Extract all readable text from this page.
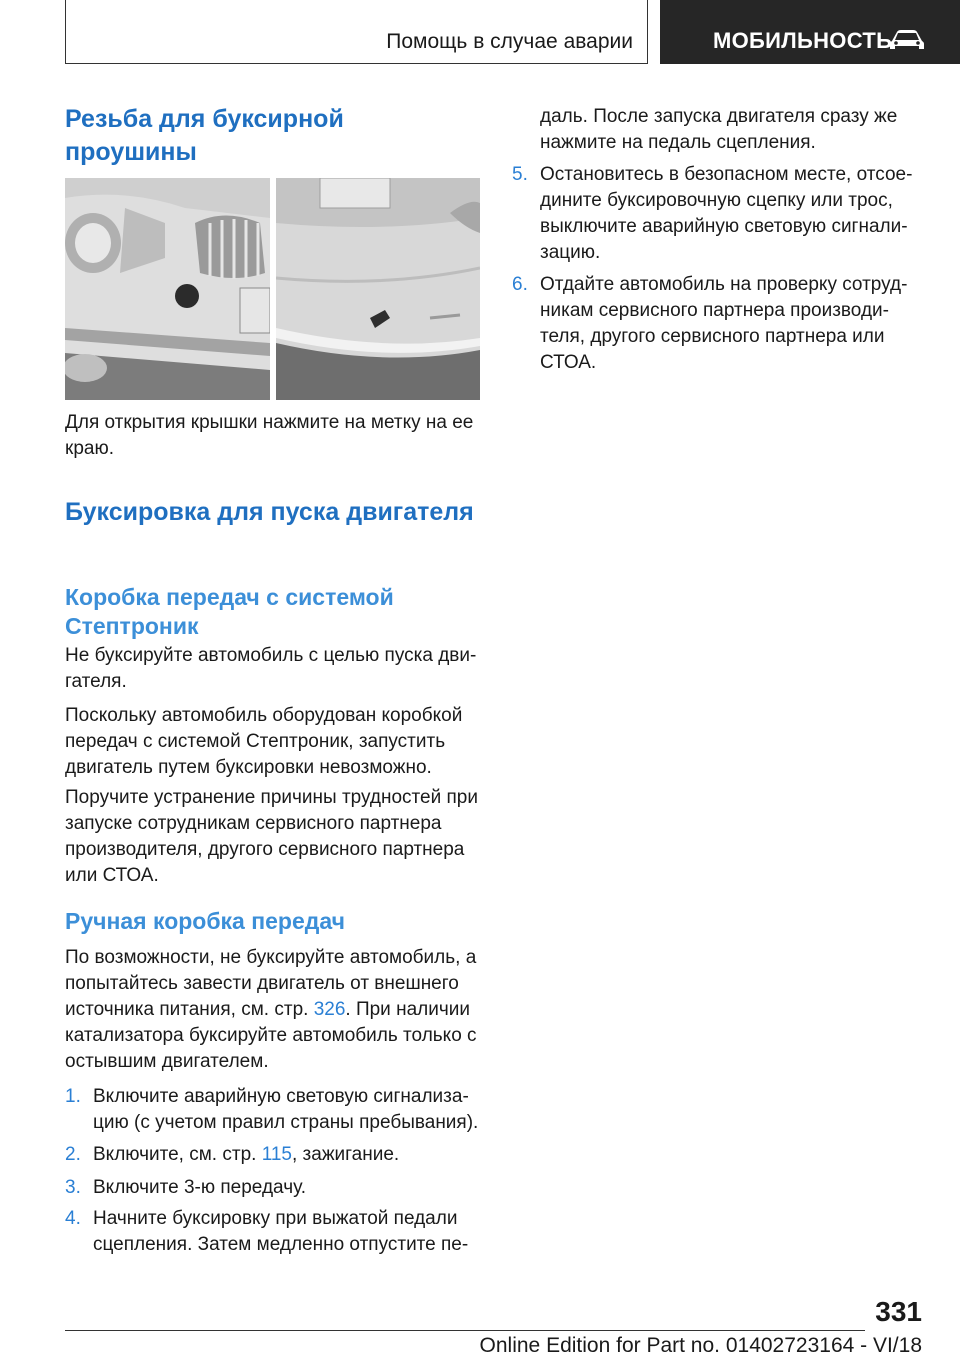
Помощь в случае аварии	МОБИЛЬНОСТЬ
Резьба для буксирной проушины

Для открытия крышки нажмите на метку на ее краю.

Буксировка для пуска двигателя
Коробка передач с системой Стептроник

Не буксируйте автомобиль с целью пуска дви‐гателя.

Поскольку автомобиль оборудован коробкой передач с системой Стептроник, запустить двигатель путем буксировки невозможно.

Поручите устранение причины трудностей при запуске сотрудникам сервисного партнера производителя, другого сервисного партнера или СТОА.

Ручная коробка передач

По возможности, не буксируйте автомобиль, а попытайтесь завести двигатель от внешнего источника питания, см. стр. 326. При наличии катализатора буксируйте автомобиль только с остывшим двигателем.

1. Включите аварийную световую сигнализа‐цию (с учетом правил страны пребывания).
2. Включите, см. стр. 115, зажигание.
3. Включите 3-ю передачу.
4. Начните буксировку при выжатой педали сцепления. Затем медленно отпустите пе‐

даль. После запуска двигателя сразу же нажмите на педаль сцепления.

5. Остановитесь в безопасном месте, отсое‐дините буксировочную сцепку или трос, выключите аварийную световую сигнали‐зацию.
6. Отдайте автомобиль на проверку сотруд‐никам сервисного партнера производи‐теля, другого сервисного партнера или СТОА.
331
Online Edition for Part no. 01402723164 - VI/18
